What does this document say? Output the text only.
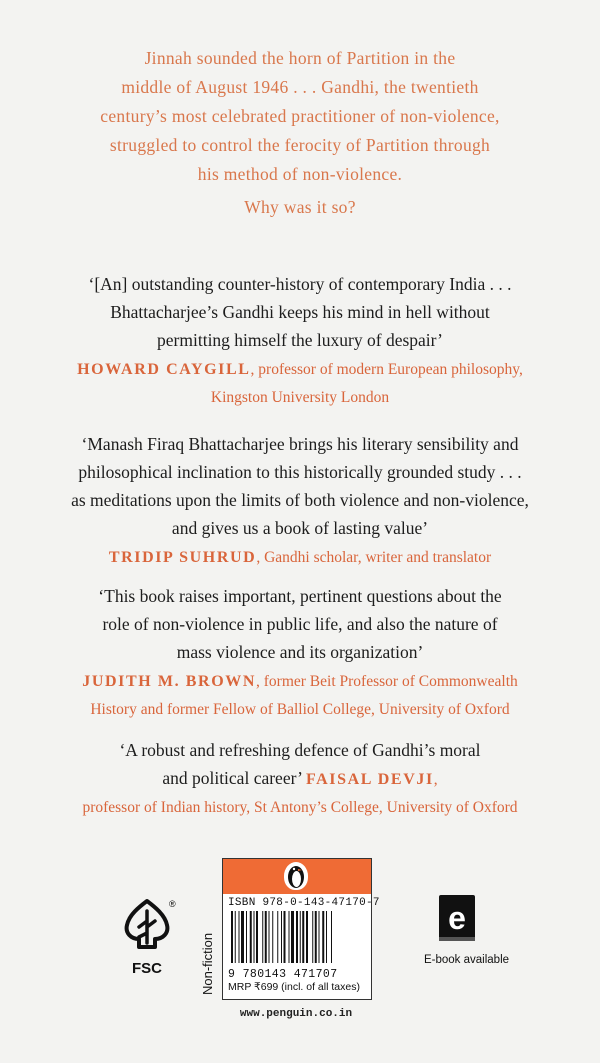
Jinnah sounded the horn of Partition in the
middle of August 1946 . . . Gandhi, the twentieth
century’s most celebrated practitioner of non-violence,
struggled to control the ferocity of Partition through
his method of non-violence.
Why was it so?
‘[An] outstanding counter-history of contemporary India . . .
Bhattacharjee’s Gandhi keeps his mind in hell without
permitting himself the luxury of despair’
HOWARD CAYGILL, professor of modern European philosophy,
Kingston University London
‘Manash Firaq Bhattacharjee brings his literary sensibility and
philosophical inclination to this historically grounded study . . .
as meditations upon the limits of both violence and non-violence,
and gives us a book of lasting value’
TRIDIP SUHRUD, Gandhi scholar, writer and translator
‘This book raises important, pertinent questions about the
role of non-violence in public life, and also the nature of
mass violence and its organization’
JUDITH M. BROWN, former Beit Professor of Commonwealth
History and former Fellow of Balliol College, University of Oxford
‘A robust and refreshing defence of Gandhi’s moral
and political career’ FAISAL DEVJI,
professor of Indian history, St Antony’s College, University of Oxford
®
FSC	Non-fiction
ISBN 978-0-143-47170-7
9 780143 471707
MRP ₹699 (incl. of all taxes)
www.penguin.co.in
e
E-book available
